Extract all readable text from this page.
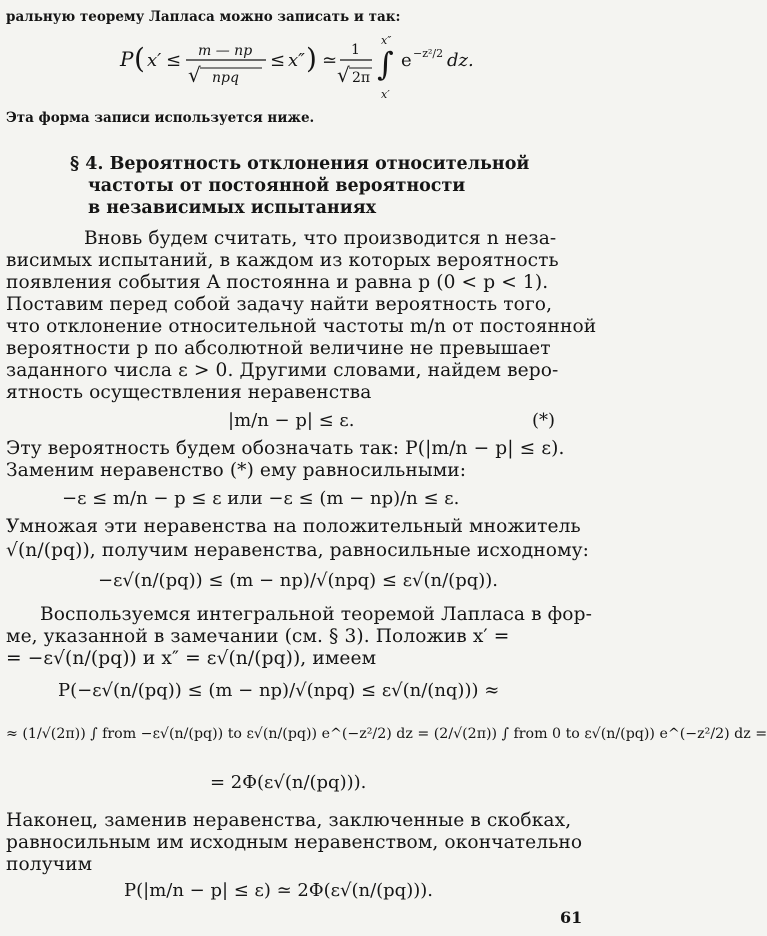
ральную теорему Лапласа можно записать и так:
P ( x′ ≤ m — np
√ npq
≤ x″ ) ≃ 1
√ 2π ∫
x″
x′
e −z²/2 dz.
Эта форма записи используется ниже.
§ 4. Вероятность отклонения относительной
частоты от постоянной вероятности
в независимых испытаниях
Вновь будем считать, что производится n неза-
висимых испытаний, в каждом из которых вероятность
появления события A постоянна и равна p (0 < p < 1).
Поставим перед собой задачу найти вероятность того,
что отклонение относительной частоты m/n от постоянной
вероятности p по абсолютной величине не превышает
заданного числа ε > 0. Другими словами, найдем веро-
ятность осуществления неравенства
|m/n − p| ≤ ε.	(*)
Эту вероятность будем обозначать так: P(|m/n − p| ≤ ε).
Заменим неравенство (*) ему равносильными:
−ε ≤ m/n − p ≤ ε или −ε ≤ (m − np)/n ≤ ε.
Умножая эти неравенства на положительный множитель
√(n/(pq)), получим неравенства, равносильные исходному:
−ε√(n/(pq)) ≤ (m − np)/√(npq) ≤ ε√(n/(pq)).
Воспользуемся интегральной теоремой Лапласа в фор-
ме, указанной в замечании (см. § 3). Положив x′ =
= −ε√(n/(pq)) и x″ = ε√(n/(pq)), имеем
P(−ε√(n/(pq)) ≤ (m − np)/√(npq) ≤ ε√(n/(nq))) ≈
≈ (1/√(2π)) ∫ from −ε√(n/(pq)) to ε√(n/(pq)) e^(−z²/2) dz = (2/√(2π)) ∫ from 0 to ε√(n/(pq)) e^(−z²/2) dz =
= 2Φ(ε√(n/(pq))).
Наконец, заменив неравенства, заключенные в скобках,
равносильным им исходным неравенством, окончательно
получим
P(|m/n − p| ≤ ε) ≃ 2Φ(ε√(n/(pq))).
61
